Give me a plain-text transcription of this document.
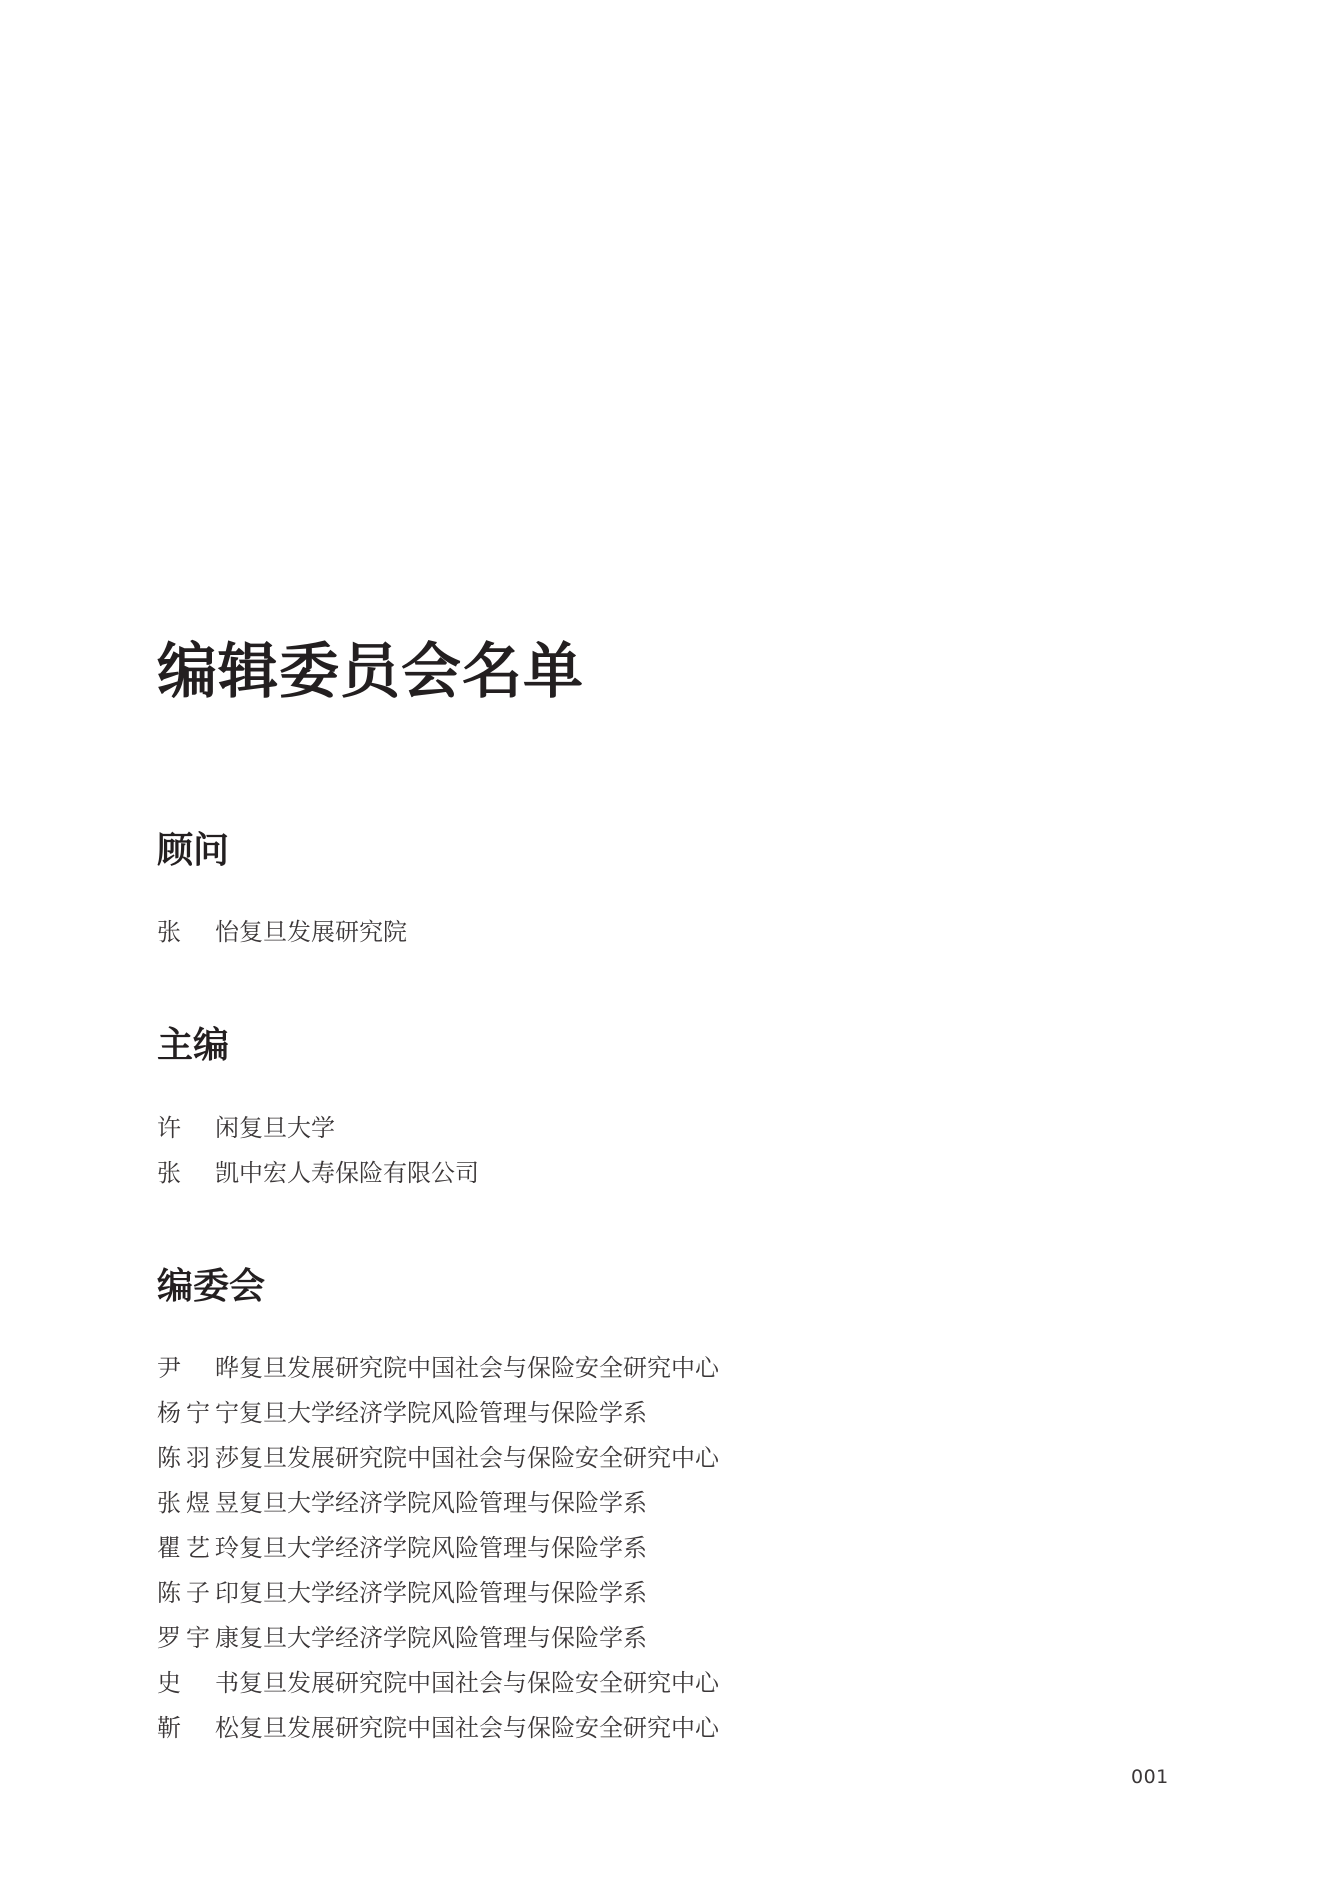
编辑委员会名单
顾问
张　怡 复旦发展研究院
主编
许　闲 复旦大学
张　凯 中宏人寿保险有限公司
编委会
尹　晔 复旦发展研究院中国社会与保险安全研究中心
杨宁宁 复旦大学经济学院风险管理与保险学系
陈羽莎 复旦发展研究院中国社会与保险安全研究中心
张煜昱 复旦大学经济学院风险管理与保险学系
瞿艺玲 复旦大学经济学院风险管理与保险学系
陈子印 复旦大学经济学院风险管理与保险学系
罗宇康 复旦大学经济学院风险管理与保险学系
史　书 复旦发展研究院中国社会与保险安全研究中心
靳　松 复旦发展研究院中国社会与保险安全研究中心
001
